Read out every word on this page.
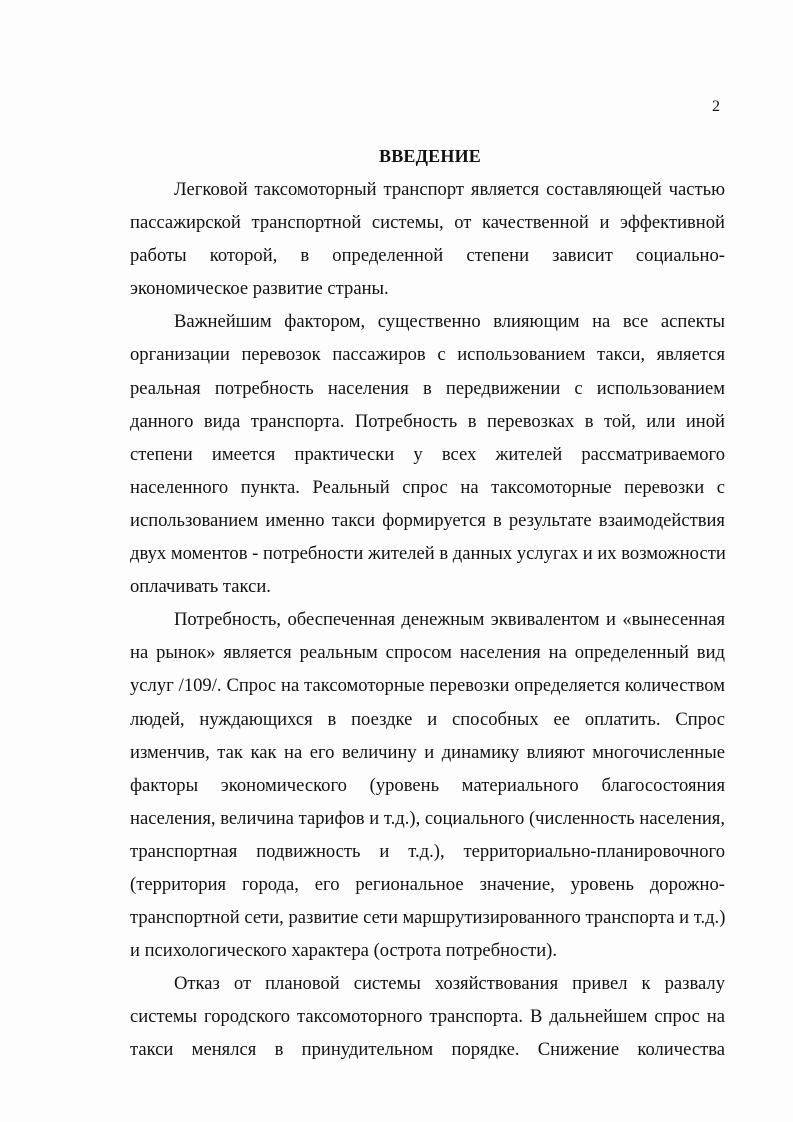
2
ВВЕДЕНИЕ

Легковой таксомоторный транспорт является составляющей частью
пассажирской транспортной системы, от качественной и эффективной
работы которой, в определенной степени зависит социально-
экономическое развитие страны.

Важнейшим фактором, существенно влияющим на все аспекты
организации перевозок пассажиров с использованием такси, является
реальная потребность населения в передвижении с использованием
данного вида транспорта. Потребность в перевозках в той, или иной
степени имеется практически у всех жителей рассматриваемого
населенного пункта. Реальный спрос на таксомоторные перевозки с
использованием именно такси формируется в результате взаимодействия
двух моментов - потребности жителей в данных услугах и их возможности
оплачивать такси.

Потребность, обеспеченная денежным эквивалентом и «вынесенная
на рынок» является реальным спросом населения на определенный вид
услуг /109/. Спрос на таксомоторные перевозки определяется количеством
людей, нуждающихся в поездке и способных ее оплатить. Спрос
изменчив, так как на его величину и динамику влияют многочисленные
факторы экономического (уровень материального благосостояния
населения, величина тарифов и т.д.), социального (численность населения,
транспортная подвижность и т.д.), территориально-планировочного
(территория города, его региональное значение, уровень дорожно-
транспортной сети, развитие сети маршрутизированного транспорта и т.д.)
и психологического характера (острота потребности).

Отказ от плановой системы хозяйствования привел к развалу
системы городского таксомоторного транспорта. В дальнейшем спрос на
такси менялся в принудительном порядке. Снижение количества
